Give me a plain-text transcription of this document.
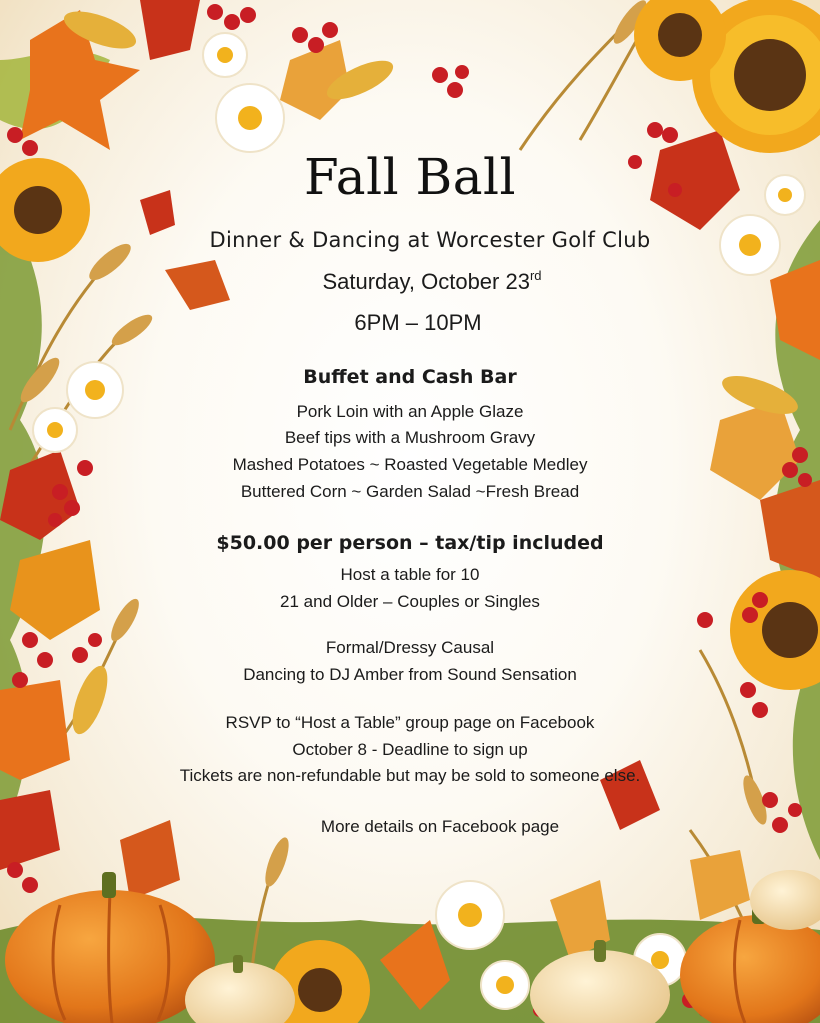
Fall Ball
Dinner & Dancing at Worcester Golf Club
Saturday, October 23rd
6PM – 10PM
Buffet and Cash Bar
Pork Loin with an Apple Glaze
Beef tips with a Mushroom Gravy
Mashed Potatoes ~ Roasted Vegetable Medley
Buttered Corn ~ Garden Salad ~Fresh Bread
$50.00 per person – tax/tip included
Host a table for 10
21 and Older – Couples or Singles
Formal/Dressy Causal
Dancing to DJ Amber from Sound Sensation
RSVP to “Host a Table” group page on Facebook
October 8 - Deadline to sign up
Tickets are non-refundable but may be sold to someone else.
More details on Facebook page
